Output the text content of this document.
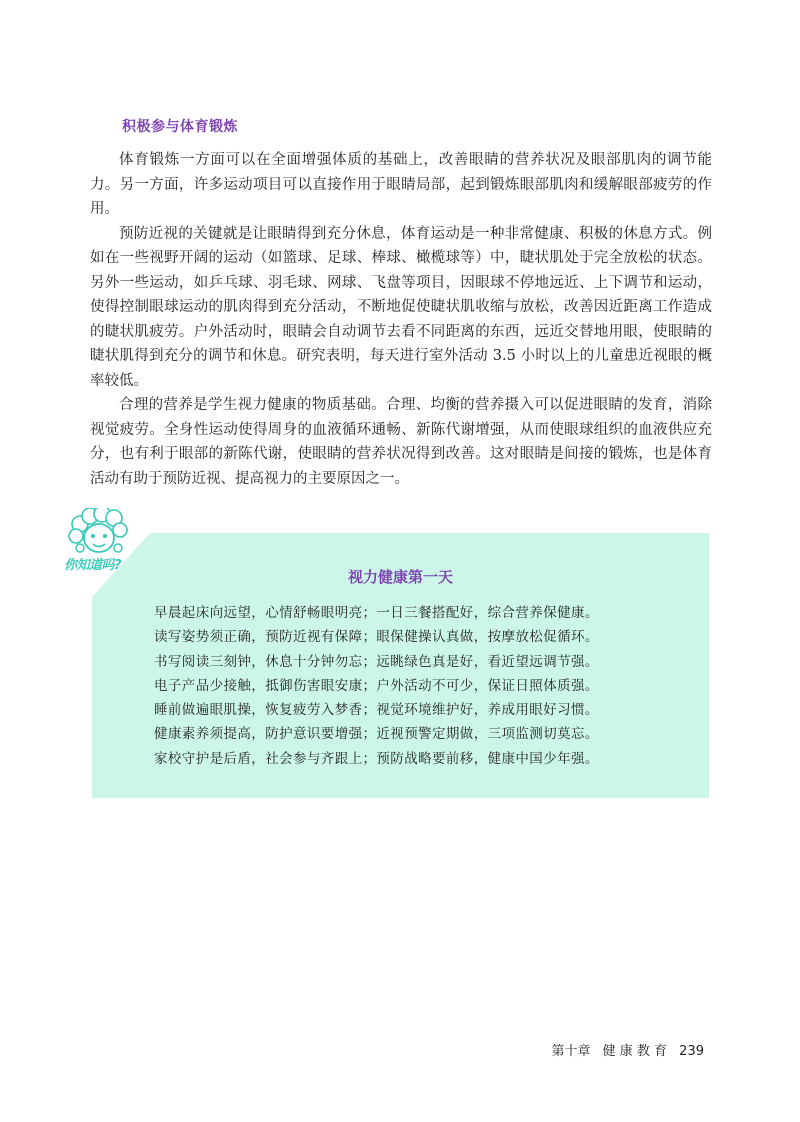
积极参与体育锻炼

体育锻炼一方面可以在全面增强体质的基础上，改善眼睛的营养状况及眼部肌肉的调节能力。另一方面，许多运动项目可以直接作用于眼睛局部，起到锻炼眼部肌肉和缓解眼部疲劳的作用。

预防近视的关键就是让眼睛得到充分休息，体育运动是一种非常健康、积极的休息方式。例如在一些视野开阔的运动（如篮球、足球、棒球、橄榄球等）中，睫状肌处于完全放松的状态。另外一些运动，如乒乓球、羽毛球、网球、飞盘等项目，因眼球不停地远近、上下调节和运动，使得控制眼球运动的肌肉得到充分活动，不断地促使睫状肌收缩与放松，改善因近距离工作造成的睫状肌疲劳。户外活动时，眼睛会自动调节去看不同距离的东西，远近交替地用眼，使眼睛的睫状肌得到充分的调节和休息。研究表明，每天进行室外活动 3.5 小时以上的儿童患近视眼的概率较低。

合理的营养是学生视力健康的物质基础。合理、均衡的营养摄入可以促进眼睛的发育，消除视觉疲劳。全身性运动使得周身的血液循环通畅、新陈代谢增强，从而使眼球组织的血液供应充分，也有利于眼部的新陈代谢，使眼睛的营养状况得到改善。这对眼睛是间接的锻炼，也是体育活动有助于预防近视、提高视力的主要原因之一。

你知道吗?
视力健康第一天
早晨起床向远望，心情舒畅眼明亮；一日三餐搭配好，综合营养保健康。
读写姿势须正确，预防近视有保障；眼保健操认真做，按摩放松促循环。
书写阅读三刻钟，休息十分钟勿忘；远眺绿色真是好，看近望远调节强。
电子产品少接触，抵御伤害眼安康；户外活动不可少，保证日照体质强。
睡前做遍眼肌操，恢复疲劳入梦香；视觉环境维护好，养成用眼好习惯。
健康素养须提高，防护意识要增强；近视预警定期做，三项监测切莫忘。
家校守护是后盾，社会参与齐跟上；预防战略要前移，健康中国少年强。
第十章 健 康 教 育 239
